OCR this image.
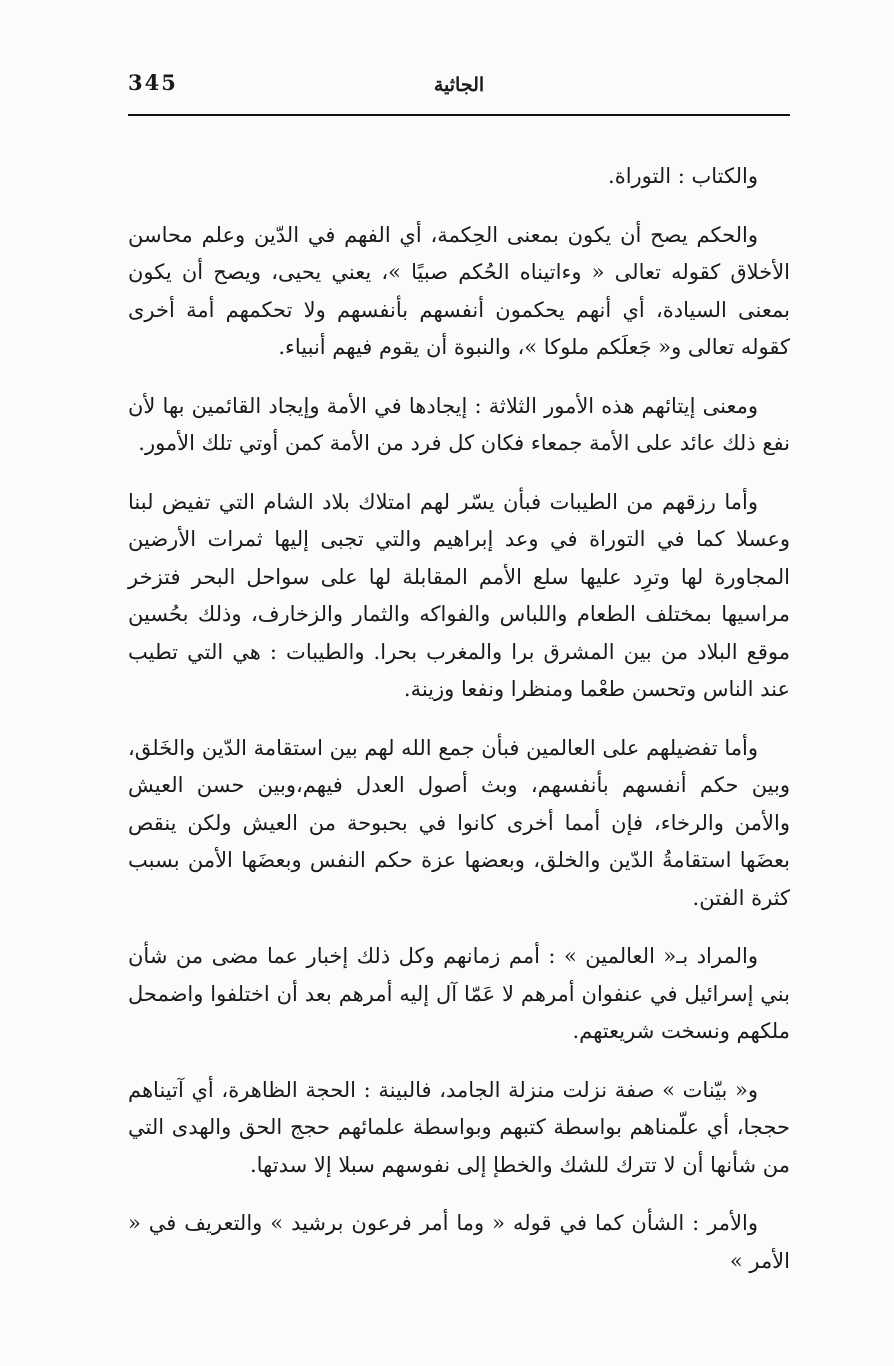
345	الجاثية

والكتاب : التوراة.

والحكم يصح أن يكون بمعنى الحِكمة، أي الفهم في الدّين وعلم محاسن الأخلاق كقوله تعالى « وءاتيناه الحُكم صبيًا »، يعني يحيى، ويصح أن يكون بمعنى السيادة، أي أنهم يحكمون أنفسهم بأنفسهم ولا تحكمهم أمة أخرى كقوله تعالى و« جَعلَكم ملوكا »، والنبوة أن يقوم فيهم أنبياء.

ومعنى إيتائهم هذه الأمور الثلاثة : إيجادها في الأمة وإيجاد القائمين بها لأن نفع ذلك عائد على الأمة جمعاء فكان كل فرد من الأمة كمن أوتي تلك الأمور.

وأما رزقهم من الطيبات فبأن يسّر لهم امتلاك بلاد الشام التي تفيض لبنا وعسلا كما في التوراة في وعد إبراهيم والتي تجبى إليها ثمرات الأرضين المجاورة لها وترِد عليها سلع الأمم المقابلة لها على سواحل البحر فتزخر مراسيها بمختلف الطعام واللباس والفواكه والثمار والزخارف، وذلك بحُسين موقع البلاد من بين المشرق برا والمغرب بحرا. والطيبات : هي التي تطيب عند الناس وتحسن طعْما ومنظرا ونفعا وزينة.

وأما تفضيلهم على العالمين فبأن جمع الله لهم بين استقامة الدّين والخَلق، وبين حكم أنفسهم بأنفسهم، وبث أصول العدل فيهم،وبين حسن العيش والأمن والرخاء، فإن أمما أخرى كانوا في بحبوحة من العيش ولكن ينقص بعضَها استقامةُ الدّين والخلق، وبعضها عزة حكم النفس وبعضَها الأمن بسبب كثرة الفتن.

والمراد بـ« العالمين » : أمم زمانهم وكل ذلك إخبار عما مضى من شأن بني إسرائيل في عنفوان أمرهم لا عَمّا آل إليه أمرهم بعد أن اختلفوا واضمحل ملكهم ونسخت شريعتهم.

و« بيّنات » صفة نزلت منزلة الجامد، فالبينة : الحجة الظاهرة، أي آتيناهم حججا، أي علّمناهم بواسطة كتبهم وبواسطة علمائهم حجج الحق والهدى التي من شأنها أن لا تترك للشك والخطإ إلى نفوسهم سبلا إلا سدتها.

والأمر : الشأن كما في قوله « وما أمر فرعون برشيد » والتعريف في « الأمر »
